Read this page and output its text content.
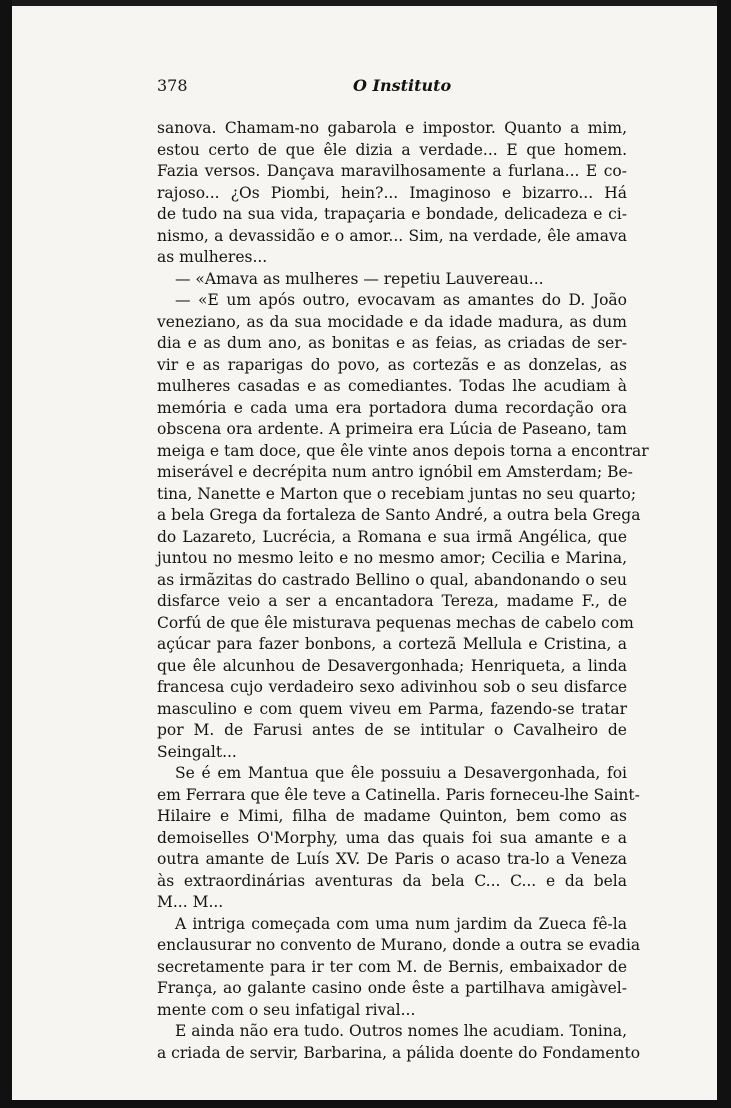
378	O Instituto
sanova. Chamam-no gabarola e impostor. Quanto a mim,
estou certo de que êle dizia a verdade... E que homem.
Fazia versos. Dançava maravilhosamente a furlana... E co-
rajoso... ¿Os Piombi, hein?... Imaginoso e bizarro... Há
de tudo na sua vida, trapaçaria e bondade, delicadeza e ci-
nismo, a devassidão e o amor... Sim, na verdade, êle amava
as mulheres...
— «Amava as mulheres — repetiu Lauvereau...
— «E um após outro, evocavam as amantes do D. João
veneziano, as da sua mocidade e da idade madura, as dum
dia e as dum ano, as bonitas e as feias, as criadas de ser-
vir e as raparigas do povo, as cortezãs e as donzelas, as
mulheres casadas e as comediantes. Todas lhe acudiam à
memória e cada uma era portadora duma recordação ora
obscena ora ardente. A primeira era Lúcia de Paseano, tam
meiga e tam doce, que êle vinte anos depois torna a encontrar
miserável e decrépita num antro ignóbil em Amsterdam; Be-
tina, Nanette e Marton que o recebiam juntas no seu quarto;
a bela Grega da fortaleza de Santo André, a outra bela Grega
do Lazareto, Lucrécia, a Romana e sua irmã Angélica, que
juntou no mesmo leito e no mesmo amor; Cecilia e Marina,
as irmãzitas do castrado Bellino o qual, abandonando o seu
disfarce veio a ser a encantadora Tereza, madame F., de
Corfú de que êle misturava pequenas mechas de cabelo com
açúcar para fazer bonbons, a cortezã Mellula e Cristina, a
que êle alcunhou de Desavergonhada; Henriqueta, a linda
francesa cujo verdadeiro sexo adivinhou sob o seu disfarce
masculino e com quem viveu em Parma, fazendo-se tratar
por M. de Farusi antes de se intitular o Cavalheiro de
Seingalt...
Se é em Mantua que êle possuiu a Desavergonhada, foi
em Ferrara que êle teve a Catinella. Paris forneceu-lhe Saint-
Hilaire e Mimi, filha de madame Quinton, bem como as
demoiselles O'Morphy, uma das quais foi sua amante e a
outra amante de Luís XV. De Paris o acaso tra-lo a Veneza
às extraordinárias aventuras da bela C... C... e da bela
M... M...
A intriga começada com uma num jardim da Zueca fê-la
enclausurar no convento de Murano, donde a outra se evadia
secretamente para ir ter com M. de Bernis, embaixador de
França, ao galante casino onde êste a partilhava amigàvel-
mente com o seu infatigal rival...
E ainda não era tudo. Outros nomes lhe acudiam. Tonina,
a criada de servir, Barbarina, a pálida doente do Fondamento
